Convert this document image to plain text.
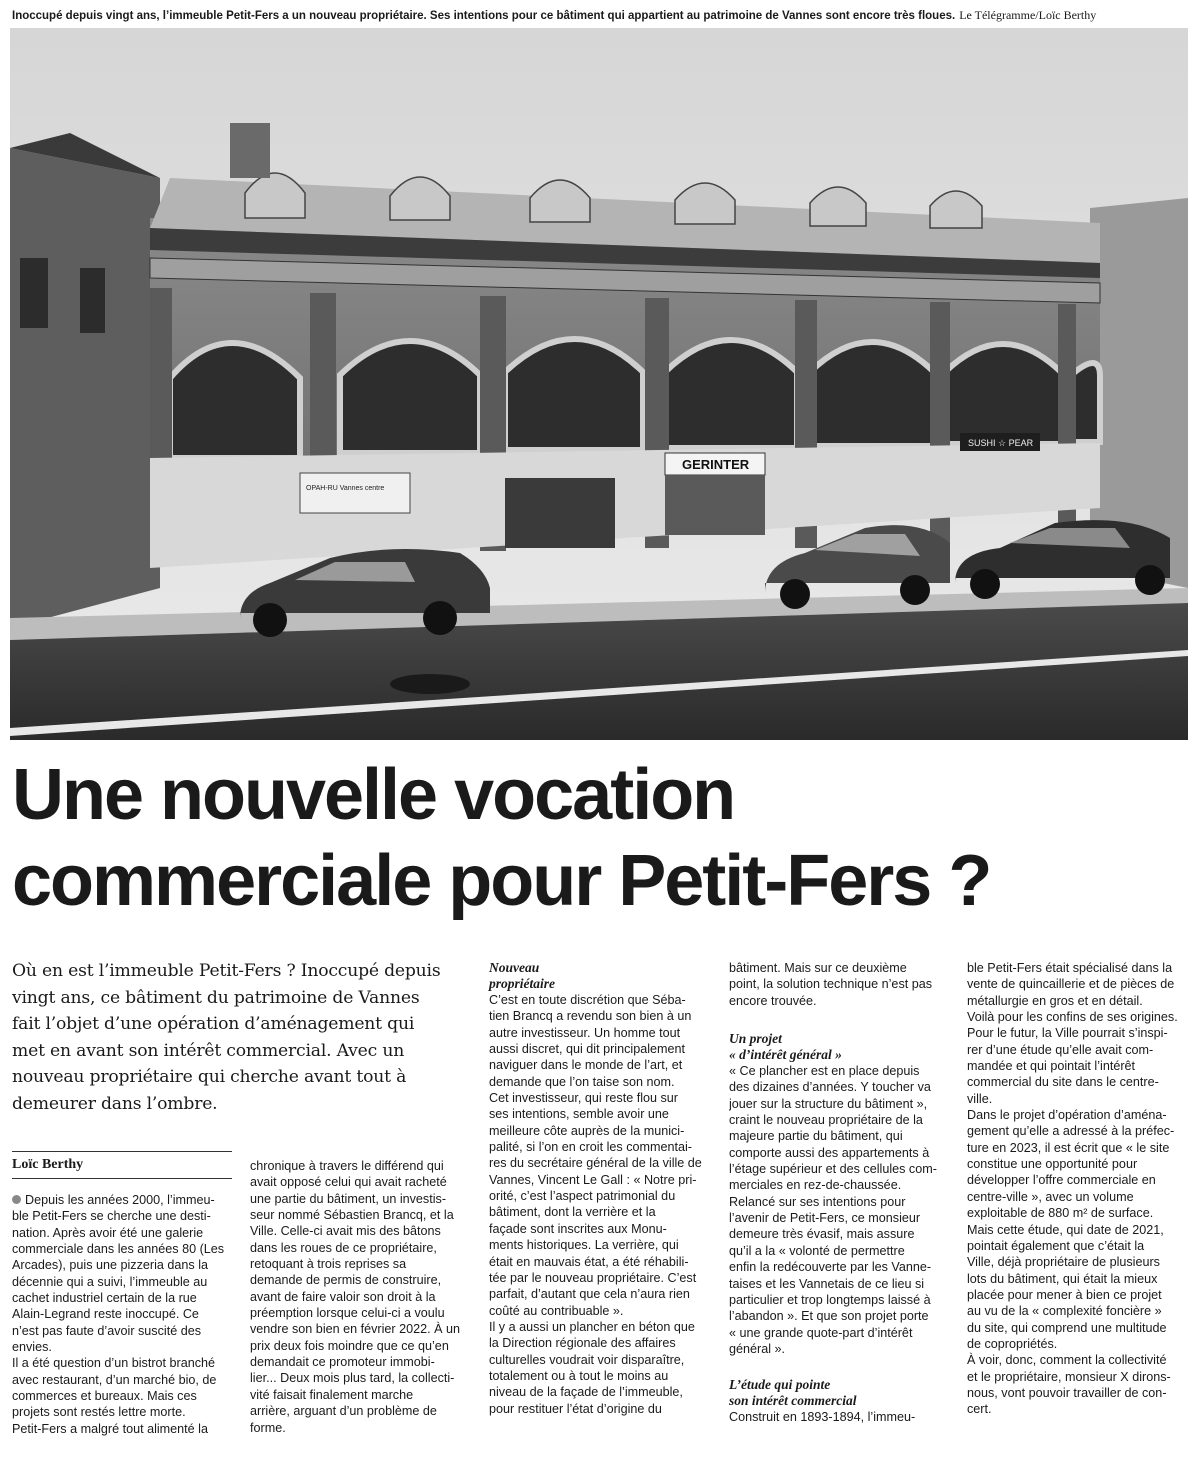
Inoccupé depuis vingt ans, l’immeuble Petit-Fers a un nouveau propriétaire. Ses intentions pour ce bâtiment qui appartient au patrimoine de Vannes sont encore très floues. Le Télégramme/Loïc Berthy
OPAH-RU Vannes centre
GERINTER
SUSHI ☆ PEAR
Une nouvelle vocation
commerciale pour Petit-Fers ?
Où en est l’immeuble Petit-Fers ? Inoccupé depuis
vingt ans, ce bâtiment du patrimoine de Vannes
fait l’objet d’une opération d’aménagement qui
met en avant son intérêt commercial. Avec un
nouveau propriétaire qui cherche avant tout à
demeurer dans l’ombre.
Loïc Berthy
Depuis les années 2000, l’immeu-
ble Petit-Fers se cherche une desti-
nation. Après avoir été une galerie
commerciale dans les années 80 (Les
Arcades), puis une pizzeria dans la
décennie qui a suivi, l’immeuble au
cachet industriel certain de la rue
Alain-Legrand reste inoccupé. Ce
n’est pas faute d’avoir suscité des
envies.
Il a été question d’un bistrot branché
avec restaurant, d’un marché bio, de
commerces et bureaux. Mais ces
projets sont restés lettre morte.
Petit-Fers a malgré tout alimenté la
chronique à travers le différend qui
avait opposé celui qui avait racheté
une partie du bâtiment, un investis-
seur nommé Sébastien Brancq, et la
Ville. Celle-ci avait mis des bâtons
dans les roues de ce propriétaire,
retoquant à trois reprises sa
demande de permis de construire,
avant de faire valoir son droit à la
préemption lorsque celui-ci a voulu
vendre son bien en février 2022. À un
prix deux fois moindre que ce qu’en
demandait ce promoteur immobi-
lier... Deux mois plus tard, la collecti-
vité faisait finalement marche
arrière, arguant d’un problème de
forme.
Nouveau
propriétaire
C’est en toute discrétion que Séba-
tien Brancq a revendu son bien à un
autre investisseur. Un homme tout
aussi discret, qui dit principalement
naviguer dans le monde de l’art, et
demande que l’on taise son nom.
Cet investisseur, qui reste flou sur
ses intentions, semble avoir une
meilleure côte auprès de la munici-
palité, si l’on en croit les commentai-
res du secrétaire général de la ville de
Vannes, Vincent Le Gall : « Notre pri-
orité, c’est l’aspect patrimonial du
bâtiment, dont la verrière et la
façade sont inscrites aux Monu-
ments historiques. La verrière, qui
était en mauvais état, a été réhabili-
tée par le nouveau propriétaire. C’est
parfait, d’autant que cela n’aura rien
coûté au contribuable ».
Il y a aussi un plancher en béton que
la Direction régionale des affaires
culturelles voudrait voir disparaître,
totalement ou à tout le moins au
niveau de la façade de l’immeuble,
pour restituer l’état d’origine du
bâtiment. Mais sur ce deuxième
point, la solution technique n’est pas
encore trouvée.
Un projet
« d’intérêt général »
« Ce plancher est en place depuis
des dizaines d’années. Y toucher va
jouer sur la structure du bâtiment »,
craint le nouveau propriétaire de la
majeure partie du bâtiment, qui
comporte aussi des appartements à
l’étage supérieur et des cellules com-
merciales en rez-de-chaussée.
Relancé sur ses intentions pour
l’avenir de Petit-Fers, ce monsieur
demeure très évasif, mais assure
qu’il a la « volonté de permettre
enfin la redécouverte par les Vanne-
taises et les Vannetais de ce lieu si
particulier et trop longtemps laissé à
l’abandon ». Et que son projet porte
« une grande quote-part d’intérêt
général ».
L’étude qui pointe
son intérêt commercial
Construit en 1893-1894, l’immeu-
ble Petit-Fers était spécialisé dans la
vente de quincaillerie et de pièces de
métallurgie en gros et en détail.
Voilà pour les confins de ses origines.
Pour le futur, la Ville pourrait s’inspi-
rer d’une étude qu’elle avait com-
mandée et qui pointait l’intérêt
commercial du site dans le centre-
ville.
Dans le projet d’opération d’aména-
gement qu’elle a adressé à la préfec-
ture en 2023, il est écrit que « le site
constitue une opportunité pour
développer l’offre commerciale en
centre-ville », avec un volume
exploitable de 880 m² de surface.
Mais cette étude, qui date de 2021,
pointait également que c’était la
Ville, déjà propriétaire de plusieurs
lots du bâtiment, qui était la mieux
placée pour mener à bien ce projet
au vu de la « complexité foncière »
du site, qui comprend une multitude
de copropriétés.
À voir, donc, comment la collectivité
et le propriétaire, monsieur X dirons-
nous, vont pouvoir travailler de con-
cert.
